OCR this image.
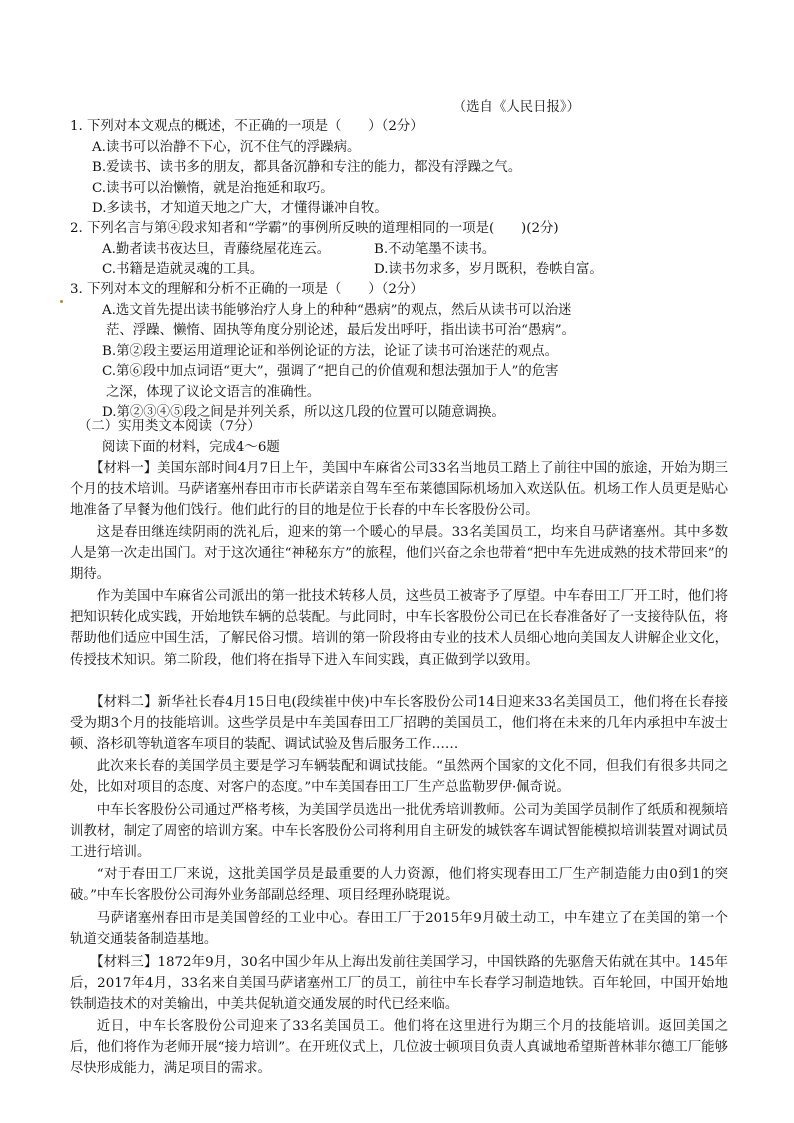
（选自《人民日报》）
1. 下列对本文观点的概述，不正确的一项是（　　）（2分）
A.读书可以治静不下心，沉不住气的浮躁病。
B.爱读书、读书多的朋友，都具备沉静和专注的能力，都没有浮躁之气。
C.读书可以治懒惰，就是治拖延和取巧。
D.多读书，才知道天地之广大，才懂得谦冲自牧。
2. 下列名言与第④段求知者和“学霸”的事例所反映的道理相同的一项是(　　)(2分)
A.勤者读书夜达旦，青藤绕屋花连云。	B.不动笔墨不读书。
C.书籍是造就灵魂的工具。	D.读书勿求多，岁月既积，卷帙自富。
3. 下列对本文的理解和分析不正确的一项是（　　）（2分）
A.选文首先提出读书能够治疗人身上的种种“愚病”的观点，然后从读书可以治迷
茫、浮躁、懒惰、固执等角度分别论述，最后发出呼吁，指出读书可治“愚病”。
B.第②段主要运用道理论证和举例论证的方法，论证了读书可治迷茫的观点。
C.第⑥段中加点词语“更大”，强调了“把自己的价值观和想法强加于人”的危害
之深，体现了议论文语言的准确性。
D.第②③④⑤段之间是并列关系，所以这几段的位置可以随意调换。
（二）实用类文本阅读（7分）
阅读下面的材料，完成4～6题
【材料一】美国东部时间4月7日上午，美国中车麻省公司33名当地员工踏上了前往中国的旅途，开始为期三个月的技术培训。马萨诸塞州春田市市长萨诺亲自驾车至布莱德国际机场加入欢送队伍。机场工作人员更是贴心地准备了早餐为他们饯行。他们此行的目的地是位于长春的中车长客股份公司。
这是春田继连续阴雨的洗礼后，迎来的第一个暖心的早晨。33名美国员工，均来自马萨诸塞州。其中多数人是第一次走出国门。对于这次通往“神秘东方”的旅程，他们兴奋之余也带着“把中车先进成熟的技术带回来”的期待。
作为美国中车麻省公司派出的第一批技术转移人员，这些员工被寄予了厚望。中车春田工厂开工时，他们将把知识转化成实践，开始地铁车辆的总装配。与此同时，中车长客股份公司已在长春准备好了一支接待队伍，将帮助他们适应中国生活，了解民俗习惯。培训的第一阶段将由专业的技术人员细心地向美国友人讲解企业文化，传授技术知识。第二阶段，他们将在指导下进入车间实践，真正做到学以致用。
【材料二】新华社长春4月15日电(段续崔中侠)中车长客股份公司14日迎来33名美国员工，他们将在长春接受为期3个月的技能培训。这些学员是中车美国春田工厂招聘的美国员工，他们将在未来的几年内承担中车波士顿、洛杉矶等轨道客车项目的装配、调试试验及售后服务工作……
此次来长春的美国学员主要是学习车辆装配和调试技能。“虽然两个国家的文化不同，但我们有很多共同之处，比如对项目的态度、对客户的态度。”中车美国春田工厂生产总监勒罗伊·佩奇说。
中车长客股份公司通过严格考核，为美国学员选出一批优秀培训教师。公司为美国学员制作了纸质和视频培训教材，制定了周密的培训方案。中车长客股份公司将利用自主研发的城铁客车调试智能模拟培训装置对调试员工进行培训。
“对于春田工厂来说，这批美国学员是最重要的人力资源，他们将实现春田工厂生产制造能力由0到1的突破。”中车长客股份公司海外业务部副总经理、项目经理孙晓琨说。
马萨诸塞州春田市是美国曾经的工业中心。春田工厂于2015年9月破土动工，中车建立了在美国的第一个轨道交通装备制造基地。
【材料三】1872年9月，30名中国少年从上海出发前往美国学习，中国铁路的先驱詹天佑就在其中。145年后，2017年4月，33名来自美国马萨诸塞州工厂的员工，前往中车长春学习制造地铁。百年轮回，中国开始地铁制造技术的对美输出，中美共促轨道交通发展的时代已经来临。
近日，中车长客股份公司迎来了33名美国员工。他们将在这里进行为期三个月的技能培训。返回美国之后，他们将作为老师开展“接力培训”。在开班仪式上，几位波士顿项目负责人真诚地希望斯普林菲尔德工厂能够尽快形成能力，满足项目的需求。
